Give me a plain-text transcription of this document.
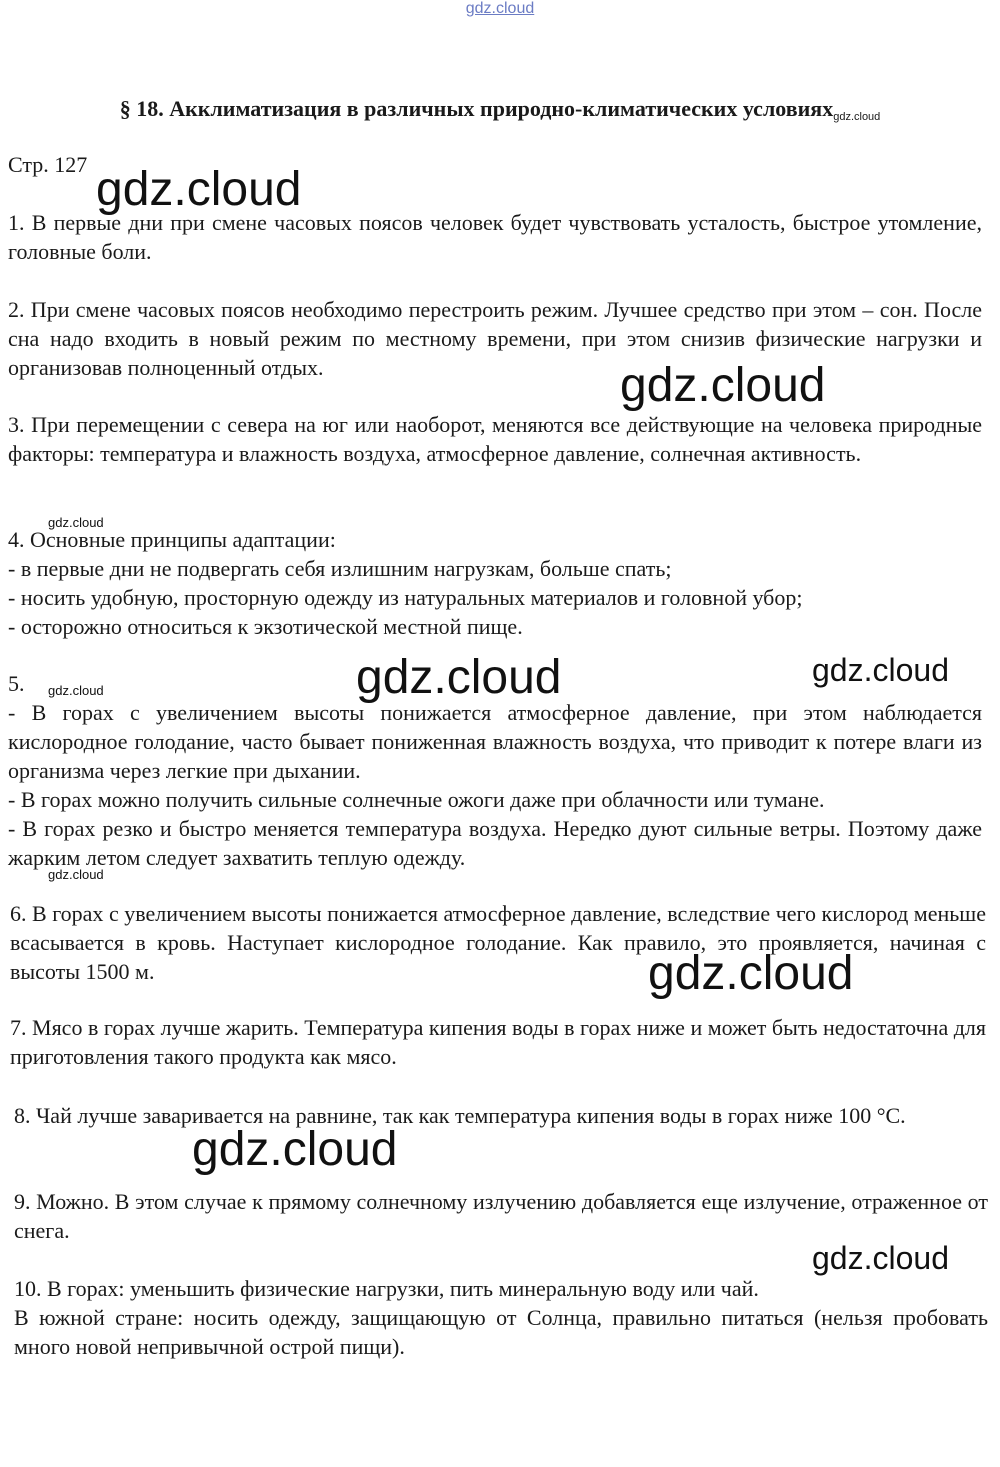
gdz.cloud
§ 18. Акклиматизация в различных природно-климатических условиях$_{gdz.cloud}$
Стр. 127
1. В первые дни при смене часовых поясов человек будет чувствовать усталость, быстрое утомление, головные боли.
2. При смене часовых поясов необходимо перестроить режим. Лучшее средство при этом – сон. После сна надо входить в новый режим по местному времени, при этом снизив физические нагрузки и организовав полноценный отдых.
3. При перемещении с севера на юг или наоборот, меняются все действующие на человека природные факторы: температура и влажность воздуха, атмосферное давление, солнечная активность.

4. Основные принципы адаптации:

- в первые дни не подвергать себя излишним нагрузкам, больше спать;

- носить удобную, просторную одежду из натуральных материалов и головной убор;

- осторожно относиться к экзотической местной пище.

5.

- В горах с увеличением высоты понижается атмосферное давление, при этом наблюдается кислородное голодание, часто бывает пониженная влажность воздуха, что приводит к потере влаги из организма через легкие при дыхании.

- В горах можно получить сильные солнечные ожоги даже при облачности или тумане.

- В горах резко и быстро меняется температура воздуха. Нередко дуют сильные ветры. Поэтому даже жарким летом следует захватить теплую одежду.

6. В горах с увеличением высоты понижается атмосферное давление, вследствие чего кислород меньше всасывается в кровь. Наступает кислородное голодание. Как правило, это проявляется, начиная с высоты 1500 м.
7. Мясо в горах лучше жарить. Температура кипения воды в горах ниже и может быть недостаточна для приготовления такого продукта как мясо.
8. Чай лучше заваривается на равнине, так как температура кипения воды в горах ниже 100 °С.
9. Можно. В этом случае к прямому солнечному излучению добавляется еще излучение, отраженное от снега.

10. В горах: уменьшить физические нагрузки, пить минеральную воду или чай.

В южной стране: носить одежду, защищающую от Солнца, правильно питаться (нельзя пробовать много новой непривычной острой пищи).

gdz.cloud
gdz.cloud
gdz.cloud	gdz.cloud
gdz.cloud
gdz.cloud
gdz.cloud
gdz.cloud
gdz.cloud
gdz.cloud
